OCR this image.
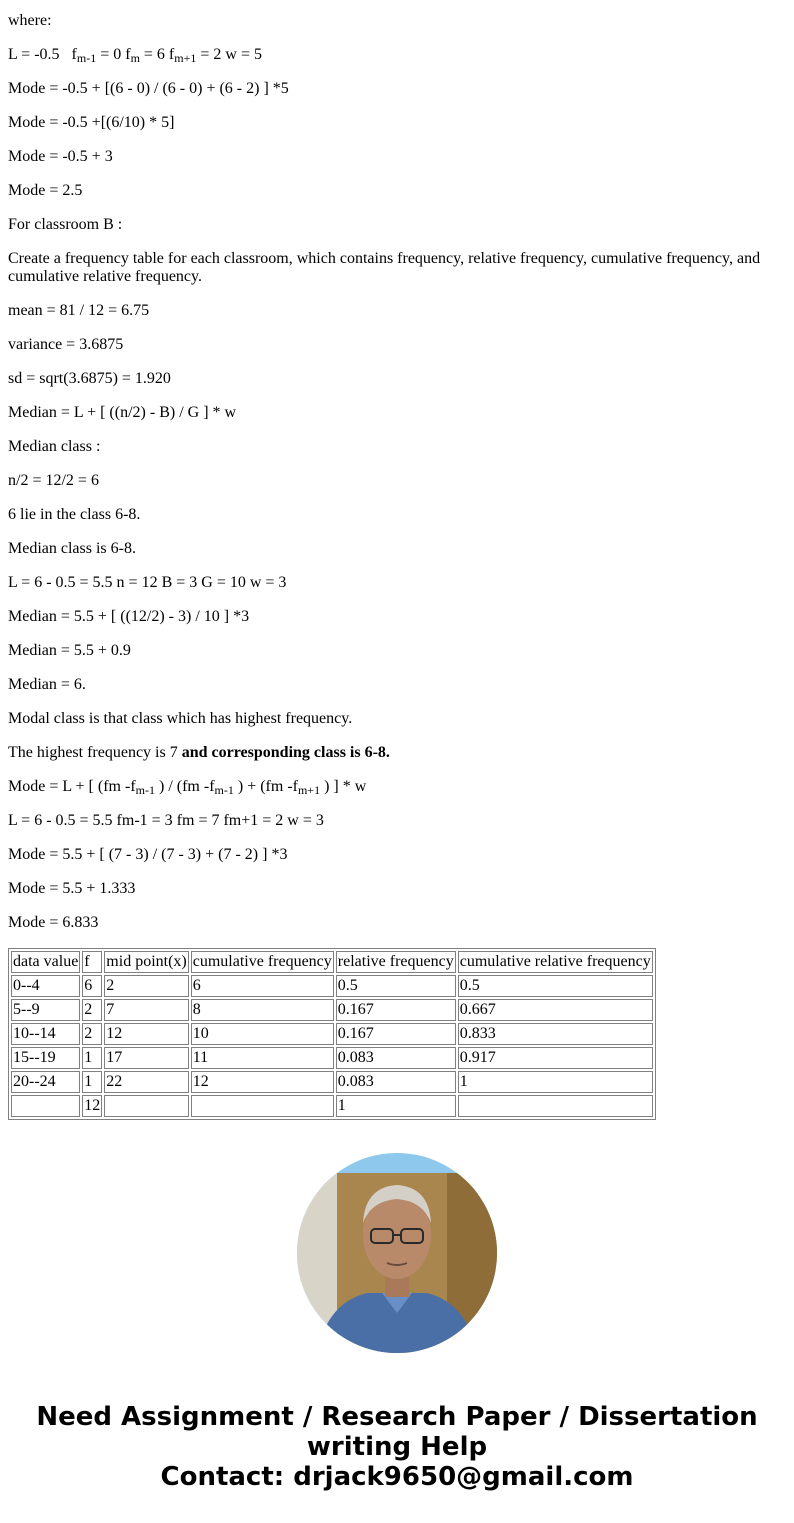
where:

L = -0.5 $f_{m-1} = 0$ $f_m = 6$ $f_{m+1} = 2$ w = 5

Mode = -0.5 + [(6 - 0) / (6 - 0) + (6 - 2) ] *5

Mode = -0.5 +[(6/10) * 5]

Mode = -0.5 + 3

Mode = 2.5

For classroom B :

Create a frequency table for each classroom, which contains frequency, relative frequency, cumulative frequency, and cumulative relative frequency.

mean = 81 / 12 = 6.75

variance = 3.6875

sd = sqrt(3.6875) = 1.920

Median = L + [ ((n/2) - B) / G ] * w

Median class :

n/2 = 12/2 = 6

6 lie in the class 6-8.

Median class is 6-8.

L = 6 - 0.5 = 5.5 n = 12 B = 3 G = 10 w = 3

Median = 5.5 + [ ((12/2) - 3) / 10 ] *3

Median = 5.5 + 0.9

Median = 6.

Modal class is that class which has highest frequency.

The highest frequency is 7 and corresponding class is 6-8.

Mode = L + [ (fm $-f_{m-1}$ ) / (fm $-f_{m-1}$ ) + (fm $-f_{m+1}$ ) ] * w

L = 6 - 0.5 = 5.5 fm-1 = 3 fm = 7 fm+1 = 2 w = 3

Mode = 5.5 + [ (7 - 3) / (7 - 3) + (7 - 2) ] *3

Mode = 5.5 + 1.333

Mode = 6.833

data value	f	mid point(x)	cumulative frequency	relative frequency	cumulative relative frequency
0--4	6	2	6	0.5	0.5
5--9	2	7	8	0.167	0.667
10--14	2	12	10	0.167	0.833
15--19	1	17	11	0.083	0.917
20--24	1	22	12	0.083	1
	12			1	
Need Assignment / Research Paper / Dissertation
writing Help
Contact: drjack9650@gmail.com
